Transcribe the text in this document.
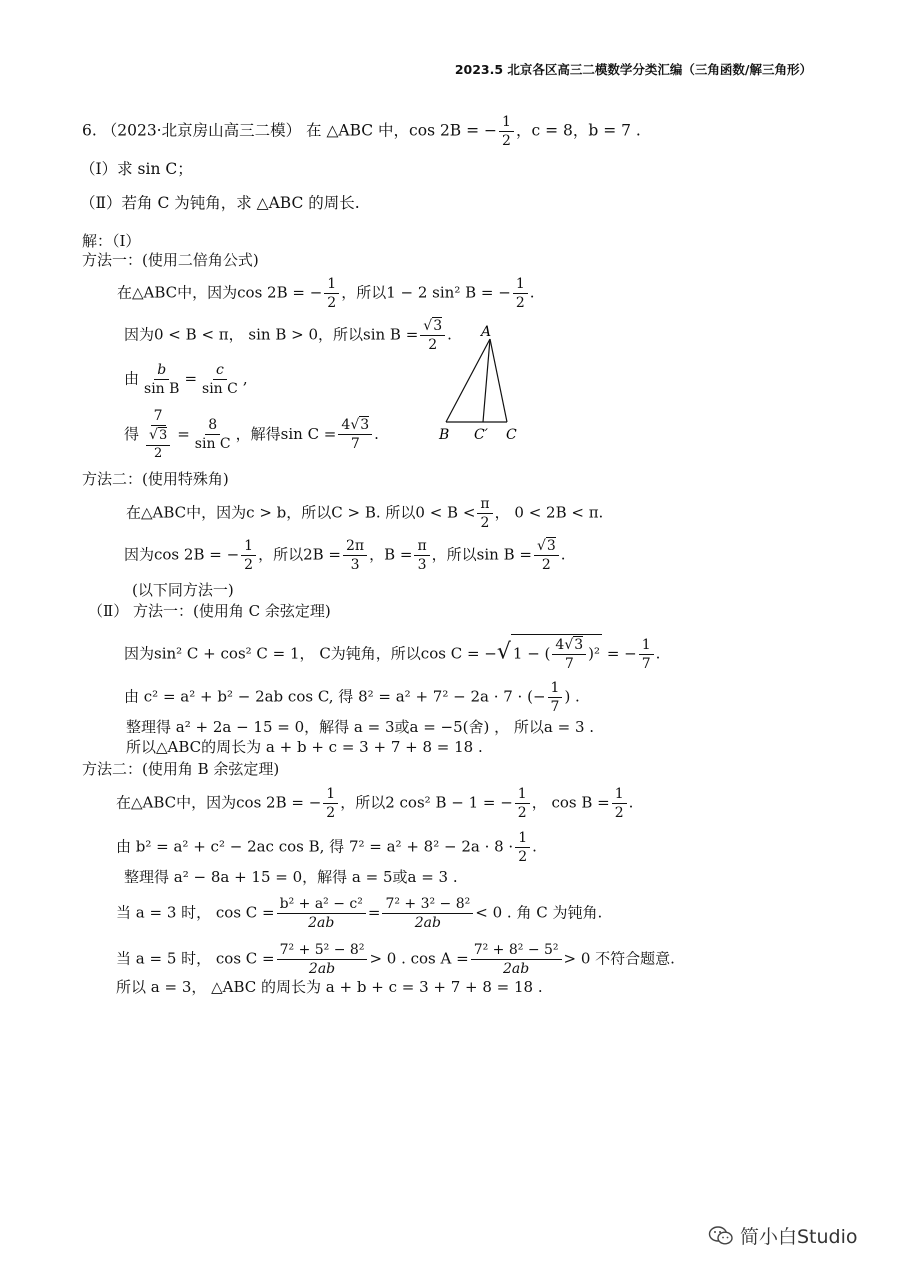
2023.5 北京各区高三二模数学分类汇编（三角函数/解三角形）
6. （2023·北京房山高三二模） 在 △ABC 中，cos 2B = − $\frac{1}{2}$ ，c = 8，b = 7 .
（Ⅰ）求 sin C；
（Ⅱ）若角 C 为钝角，求 △ABC 的周长.
解：（Ⅰ）
方法一：(使用二倍角公式)
在△ABC中，因为cos 2B = − $\frac{1}{2}$ ，所以1 − 2 sin² B = − $\frac{1}{2}$ .
因为0 < B < π， sin B > 0，所以$\sin B = \frac{√3}{2}$ .
由 $\frac{b}{\text{sin B}} = \frac{c}{\text{sin C}}$ ,
得 $\frac{7}{\frac{√3}{2}} = \frac{8}{\text{sin C}}$ ，解得$\sin C = \frac{4√3}{7}$ .
A
B C′ C
方法二：(使用特殊角)
在△ABC中，因为c > b，所以C > B. 所以$0 < B < \frac{\pi}{2}$ ， 0 < 2B < π.
因为cos 2B = − $\frac{1}{2}$ ，所以$2B = \frac{2\pi}{3}$ ，$B = \frac{\pi}{3}$ ，所以$\sin B = \frac{√3}{2}$ .
(以下同方法一)
（Ⅱ） 方法一：(使用角 C 余弦定理)
因为sin² C + cos² C = 1， C为钝角，所以cos C = −√ 1 − ( $\frac{4√3}{7} )^2$ = − $\frac{1}{7}$ .
由 c² = a² + b² − 2ab cos C, 得 8² = a² + 7² − 2a · 7 · (− $\frac{1}{7}$ ) .
整理得 a² + 2a − 15 = 0，解得 a = 3或a = −5(舍) ， 所以a = 3 .
所以△ABC的周长为 a + b + c = 3 + 7 + 8 = 18 .
方法二：(使用角 B 余弦定理)
在△ABC中，因为cos 2B = − $\frac{1}{2}$ ，所以2 cos² B − 1 = − $\frac{1}{2}$ ， $\cos B = \frac{1}{2}$ .
由 b² = a² + c² − 2ac cos B, 得 $7^2 = a^2 + 8^2 - 2a \cdot 8 \cdot \frac{1}{2}$ .
整理得 a² − 8a + 15 = 0，解得 a = 5或a = 3 .
当 a = 3 时， $\cos C = \frac{\text{b² + a² − c²}}{2ab} = \frac{\text{7² + 3² − 8²}}{2ab} < 0$ . 角 C 为钝角.
当 a = 5 时， $\cos C = \frac{\text{7² + 5² − 8²}}{2ab} > 0$ . $\cos A = \frac{\text{7² + 8² − 5²}}{2ab} > 0$ 不符合题意.
所以 a = 3， △ABC 的周长为 a + b + c = 3 + 7 + 8 = 18 .
简小白Studio
